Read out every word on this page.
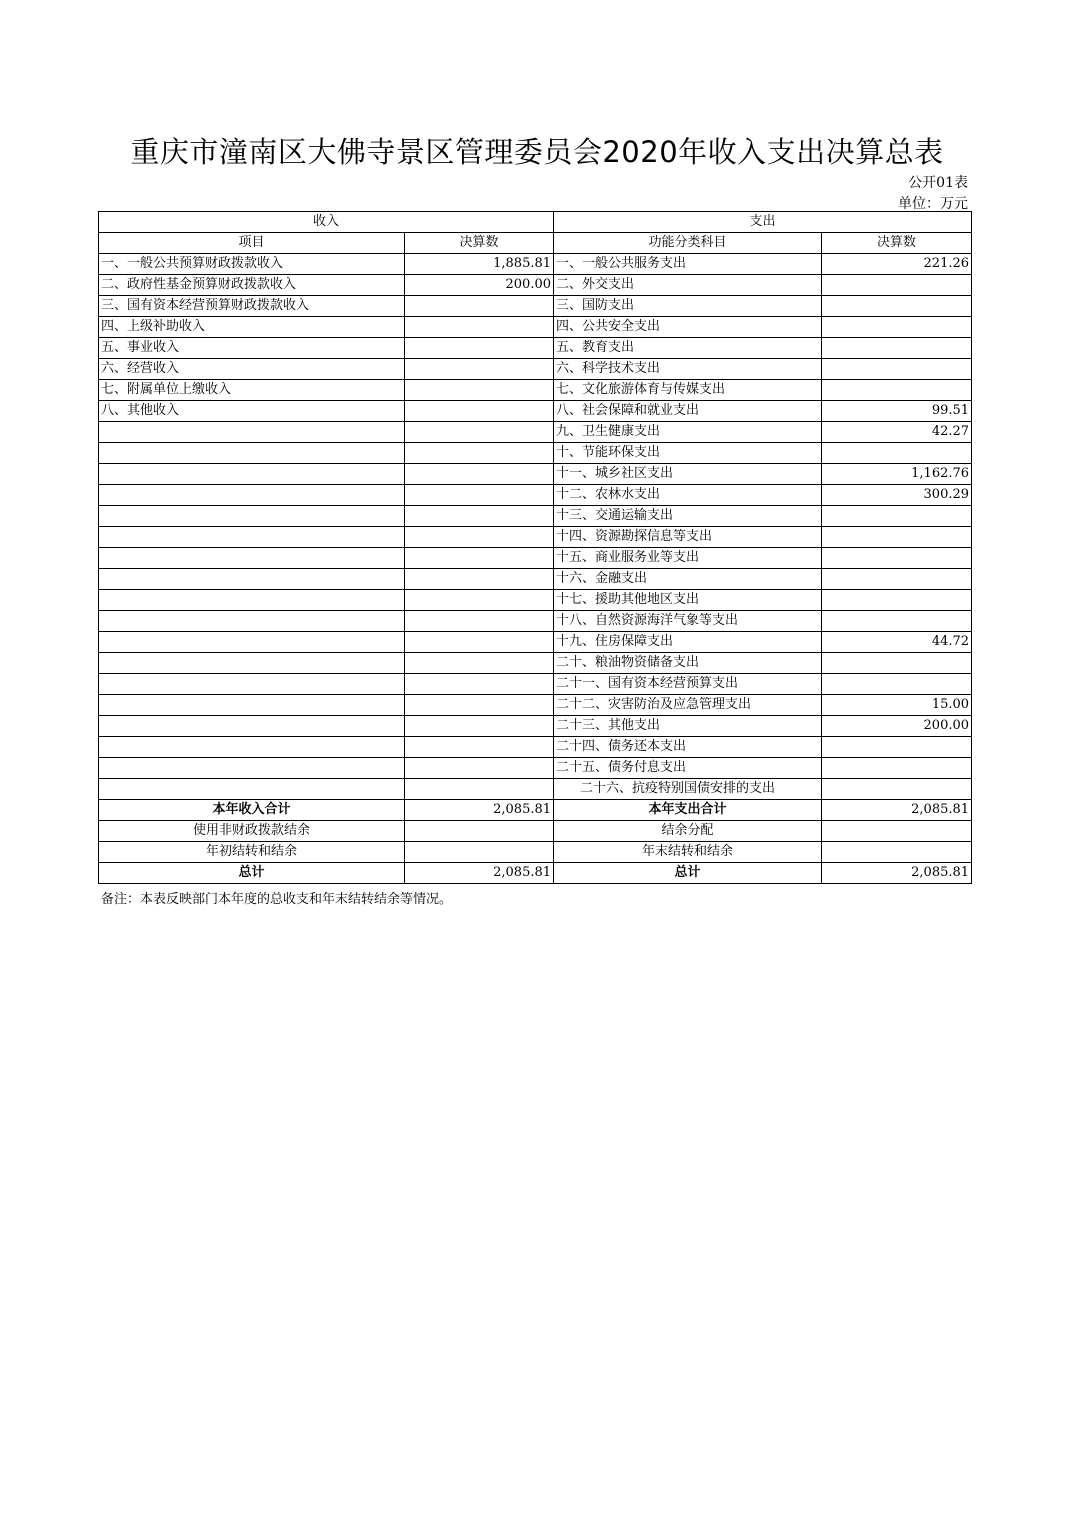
重庆市潼南区大佛寺景区管理委员会2020年收入支出决算总表
公开01表
单位：万元
收入		支出	
项目	决算数	功能分类科目	决算数
一、一般公共预算财政拨款收入	1,885.81	一、一般公共服务支出	221.26
二、政府性基金预算财政拨款收入	200.00	二、外交支出	
三、国有资本经营预算财政拨款收入		三、国防支出	
四、上级补助收入		四、公共安全支出	
五、事业收入		五、教育支出	
六、经营收入		六、科学技术支出	
七、附属单位上缴收入		七、文化旅游体育与传媒支出	
八、其他收入		八、社会保障和就业支出	99.51
		九、卫生健康支出	42.27
		十、节能环保支出	
		十一、城乡社区支出	1,162.76
		十二、农林水支出	300.29
		十三、交通运输支出	
		十四、资源勘探信息等支出	
		十五、商业服务业等支出	
		十六、金融支出	
		十七、援助其他地区支出	
		十八、自然资源海洋气象等支出	
		十九、住房保障支出	44.72
		二十、粮油物资储备支出	
		二十一、国有资本经营预算支出	
		二十二、灾害防治及应急管理支出	15.00
		二十三、其他支出	200.00
		二十四、债务还本支出	
		二十五、债务付息支出	
		二十六、抗疫特别国债安排的支出	
本年收入合计	2,085.81	本年支出合计	2,085.81
使用非财政拨款结余		结余分配	
年初结转和结余		年末结转和结余	
总计	2,085.81	总计	2,085.81
备注：本表反映部门本年度的总收支和年末结转结余等情况。
